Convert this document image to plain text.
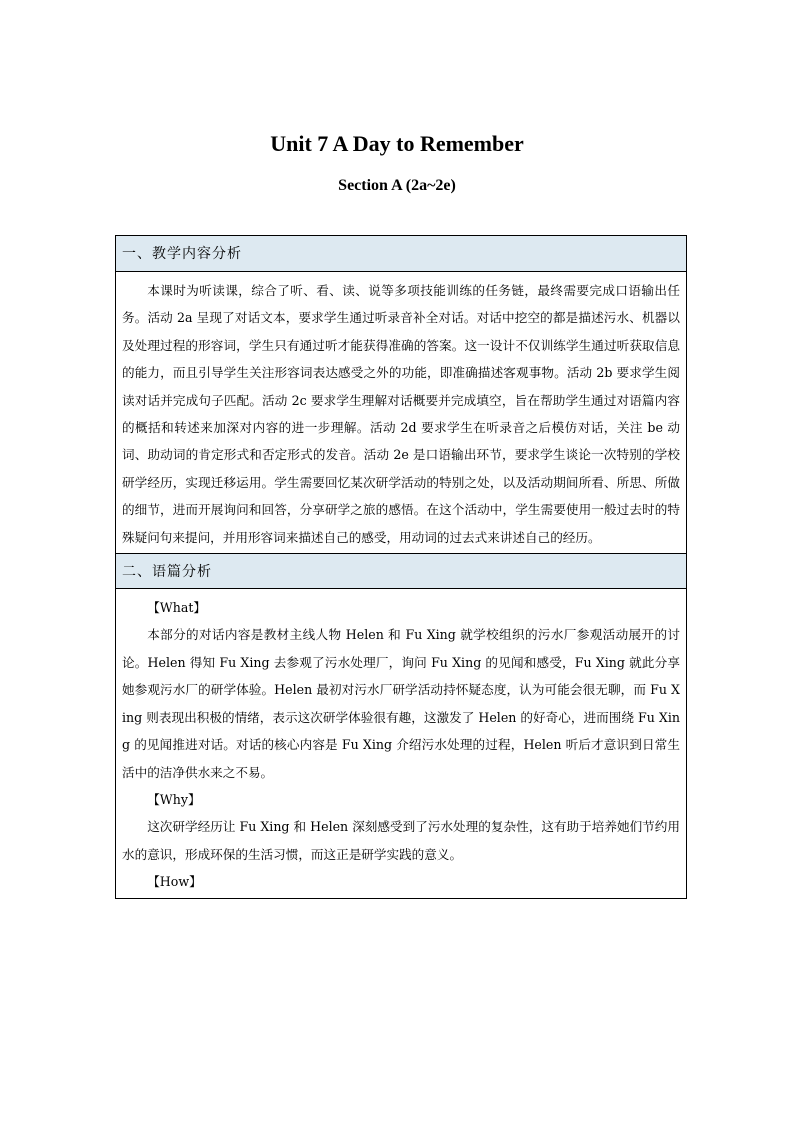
Unit 7 A Day to Remember
Section A (2a~2e)
一、教学内容分析

本课时为听读课，综合了听、看、读、说等多项技能训练的任务链，最终需要完成口语输出任务。活动 2a 呈现了对话文本，要求学生通过听录音补全对话。对话中挖空的都是描述污水、机器以及处理过程的形容词，学生只有通过听才能获得准确的答案。这一设计不仅训练学生通过听获取信息的能力，而且引导学生关注形容词表达感受之外的功能，即准确描述客观事物。活动 2b 要求学生阅读对话并完成句子匹配。活动 2c 要求学生理解对话概要并完成填空，旨在帮助学生通过对语篇内容的概括和转述来加深对内容的进一步理解。活动 2d 要求学生在听录音之后模仿对话，关注 be 动词、助动词的肯定形式和否定形式的发音。活动 2e 是口语输出环节，要求学生谈论一次特别的学校研学经历，实现迁移运用。学生需要回忆某次研学活动的特别之处，以及活动期间所看、所思、所做的细节，进而开展询问和回答，分享研学之旅的感悟。在这个活动中，学生需要使用一般过去时的特殊疑问句来提问，并用形容词来描述自己的感受，用动词的过去式来讲述自己的经历。

二、语篇分析

【What】

本部分的对话内容是教材主线人物 Helen 和 Fu Xing 就学校组织的污水厂参观活动展开的讨论。Helen 得知 Fu Xing 去参观了污水处理厂，询问 Fu Xing 的见闻和感受，Fu Xing 就此分享她参观污水厂的研学体验。Helen 最初对污水厂研学活动持怀疑态度，认为可能会很无聊，而 Fu Xing 则表现出积极的情绪，表示这次研学体验很有趣，这激发了 Helen 的好奇心，进而围绕 Fu Xing 的见闻推进对话。对话的核心内容是 Fu Xing 介绍污水处理的过程，Helen 听后才意识到日常生活中的洁净供水来之不易。

【Why】

这次研学经历让 Fu Xing 和 Helen 深刻感受到了污水处理的复杂性，这有助于培养她们节约用水的意识，形成环保的生活习惯，而这正是研学实践的意义。

【How】
